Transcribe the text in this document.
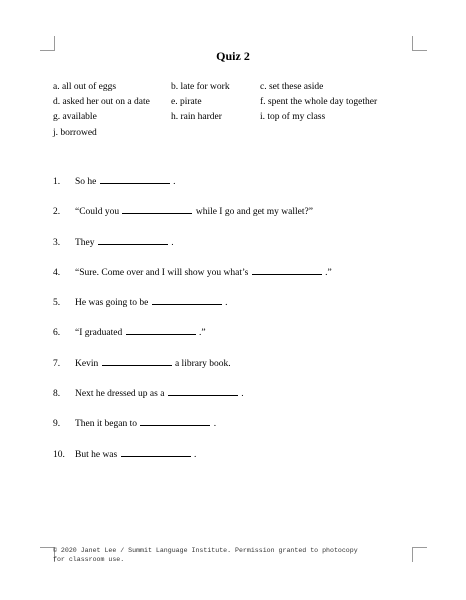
Quiz 2
a. all out of eggs	b. late for work	c. set these aside
d. asked her out on a date e. pirate	f. spent the whole day together
g. available	h. rain harder	i. top of my class
j. borrowed
1. So he	.
2. “Could you	while I go and get my wallet?”
3. They	.
4. “Sure. Come over and I will show you what’s	.”
5. He was going to be	.
6. “I graduated	.”
7. Kevin	a library book.
8. Next he dressed up as a	.
9. Then it began to	.
10. But he was	.
© 2020 Janet Lee / Summit Language Institute. Permission granted to photocopy
for classroom use.
